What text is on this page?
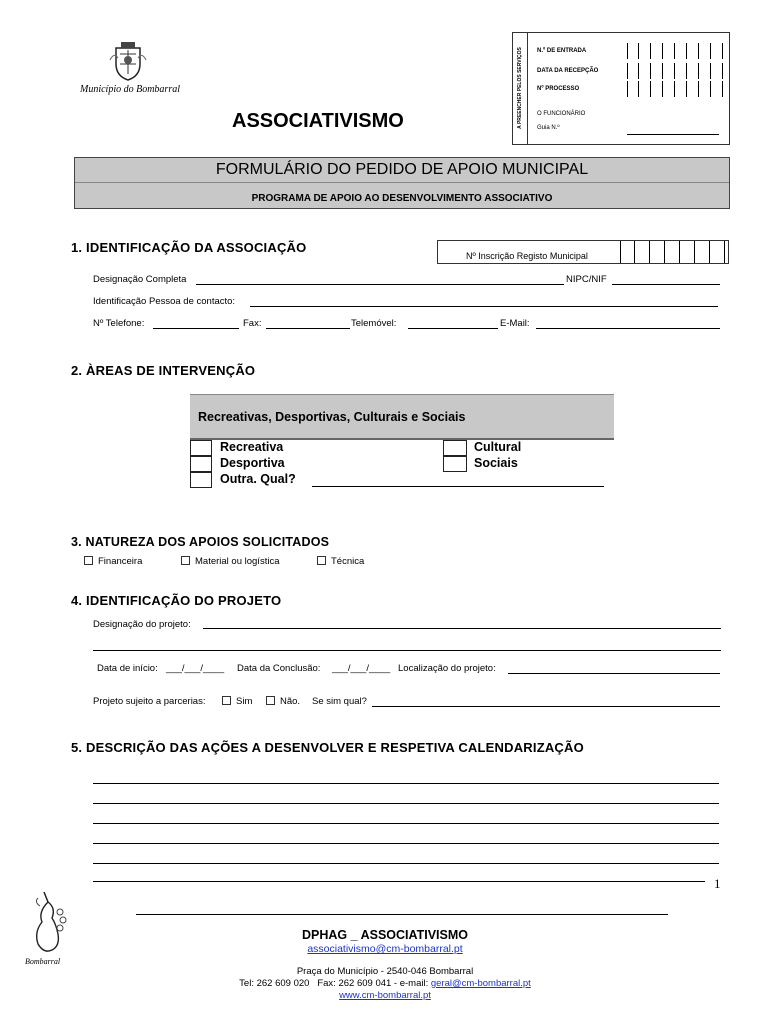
Município do Bombarral
ASSOCIATIVISMO	A PREENCHER PELOS SERVIÇOS N.º DE ENTRADA
DATA DA RECEPÇÃO
Nº PROCESSO
O FUNCIONÁRIO
Guia N.º
FORMULÁRIO DO PEDIDO DE APOIO MUNICIPAL
PROGRAMA DE APOIO AO DESENVOLVIMENTO ASSOCIATIVO
1. IDENTIFICAÇÃO DA ASSOCIAÇÃO
Nº Inscrição Registo Municipal
Designação Completa	NIPC/NIF
Identificação Pessoa de contacto:
Nº Telefone:	Fax:	Telemóvel:	E-Mail:
2. ÀREAS DE INTERVENÇÃO
Recreativas, Desportivas, Culturais e Sociais
Recreativa
Desportiva
Outra. Qual?
Cultural
Sociais
3. NATUREZA DOS APOIOS SOLICITADOS
Financeira	Material ou logística	Técnica
4. IDENTIFICAÇÃO DO PROJETO
Designação do projeto:
Data de início: ___/___/____ Data da Conclusão: ___/___/____ Localização do projeto:
Projeto sujeito a parcerias:	Sim	Não. Se sim qual?
5. DESCRIÇÃO DAS AÇÕES A DESENVOLVER E RESPETIVA CALENDARIZAÇÃO
1
Bombarral
DPHAG _ ASSOCIATIVISMO
associativismo@cm-bombarral.pt
Praça do Município - 2540-046 Bombarral
Tel: 262 609 020   Fax: 262 609 041 - e-mail: geral@cm-bombarral.pt
www.cm-bombarral.pt
